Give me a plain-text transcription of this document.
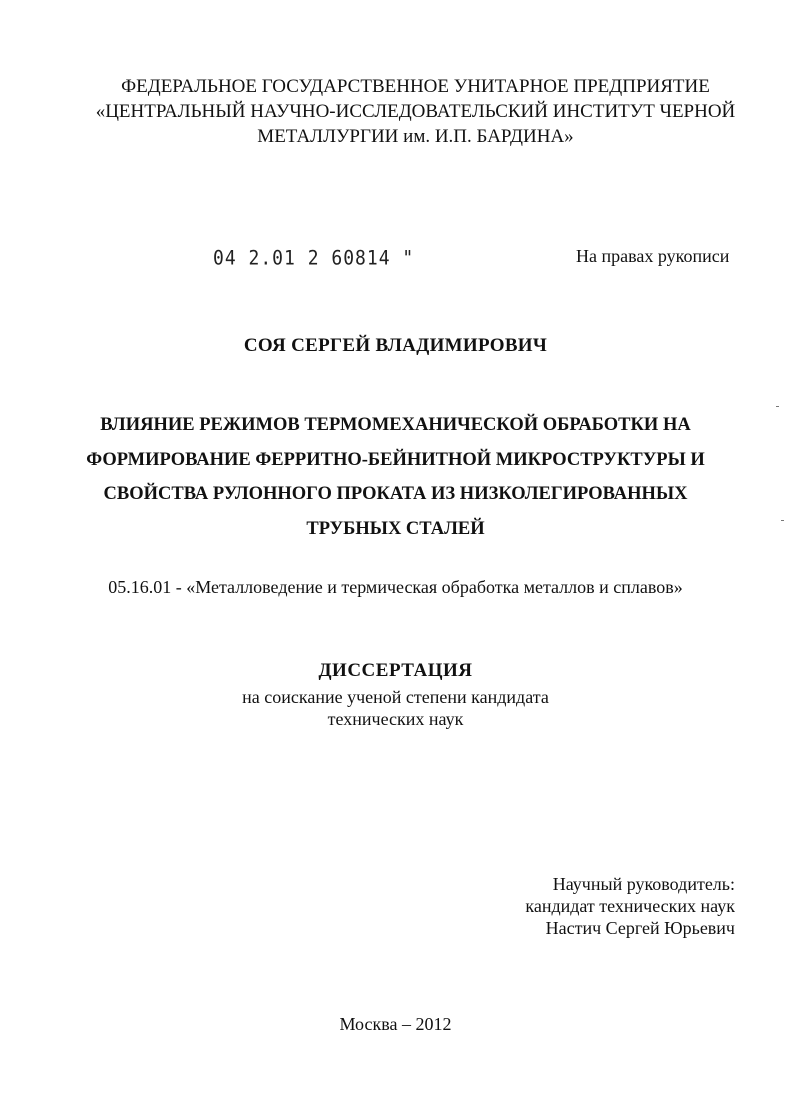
ФЕДЕРАЛЬНОЕ ГОСУДАРСТВЕННОЕ УНИТАРНОЕ ПРЕДПРИЯТИЕ
«ЦЕНТРАЛЬНЫЙ НАУЧНО-ИССЛЕДОВАТЕЛЬСКИЙ ИНСТИТУТ ЧЕРНОЙ
МЕТАЛЛУРГИИ им. И.П. БАРДИНА»
04 2.01 2 60814 "	На правах рукописи
СОЯ СЕРГЕЙ ВЛАДИМИРОВИЧ
ВЛИЯНИЕ РЕЖИМОВ ТЕРМОМЕХАНИЧЕСКОЙ ОБРАБОТКИ НА
ФОРМИРОВАНИЕ ФЕРРИТНО-БЕЙНИТНОЙ МИКРОСТРУКТУРЫ И
СВОЙСТВА РУЛОННОГО ПРОКАТА ИЗ НИЗКОЛЕГИРОВАННЫХ
ТРУБНЫХ СТАЛЕЙ
05.16.01 - «Металловедение и термическая обработка металлов и сплавов»
ДИССЕРТАЦИЯ
на соискание ученой степени кандидата
технических наук
Научный руководитель:
кандидат технических наук
Настич Сергей Юрьевич
Москва – 2012
